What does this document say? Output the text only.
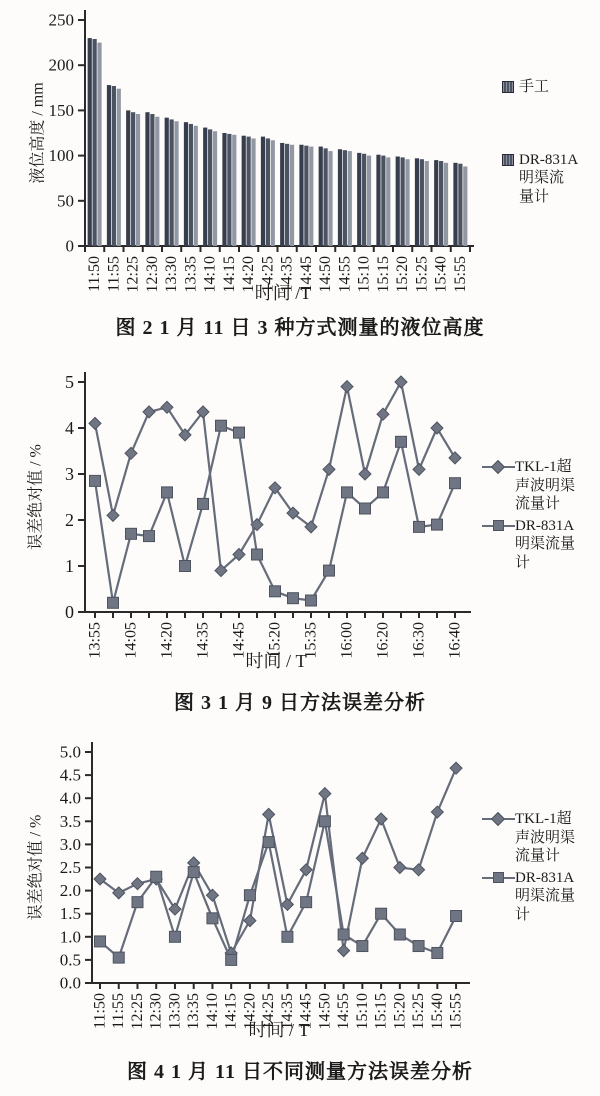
0
50
100
150
200
250
液位高度 / mm
11:50 11:55 12:25 12:30 13:30 13:35 14:10 14:15 14:20 14:25 14:35 14:45 14:50 14:55 15:10 15:15 15:20 15:25 15:40 15:55
时间 /T
手工
DR-831A
明渠流
量计
图 2 1 月 11 日 3 种方式测量的液位高度
0
1
2
3
4
5
误差绝对值 / %
13:55 14:05 14:20 14:35 14:45 15:20 15:35 16:00 16:20 16:30 16:40
时间 / T
TKL-1超
声波明渠
流量计
DR-831A
明渠流量
计
图 3 1 月 9 日方法误差分析
0.0
0.5
1.0
1.5
2.0
2.5
3.0
3.5
4.0
4.5
5.0
误差绝对值 / %
11:50 11:55 12:25 12:30 13:30 13:35 14:10 14:15 14:20 14:25 14:35 14:45 14:50 14:55 15:10 15:15 15:20 15:25 15:40 15:55
时间 / T
TKL-1超
声波明渠
流量计
DR-831A
明渠流量
计
图 4 1 月 11 日不同测量方法误差分析
